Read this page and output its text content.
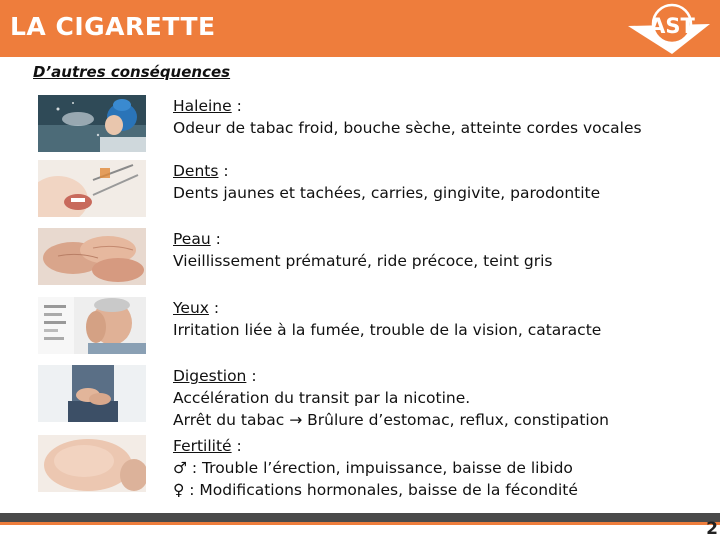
LA CIGARETTE	AST
D’autres conséquences
Haleine :
Odeur de tabac froid, bouche sèche, atteinte cordes vocales
Dents :
Dents jaunes et tachées, carries, gingivite, parodontite
Peau :
Vieillissement prématuré, ride précoce, teint gris
Yeux :
Irritation liée à la fumée, trouble de la vision, cataracte
Digestion :
Accélération du transit par la nicotine.
Arrêt du tabac → Brûlure d’estomac, reflux, constipation
Fertilité :
♂ : Trouble l’érection, impuissance, baisse de libido
♀ : Modifications hormonales, baisse de la fécondité
2
